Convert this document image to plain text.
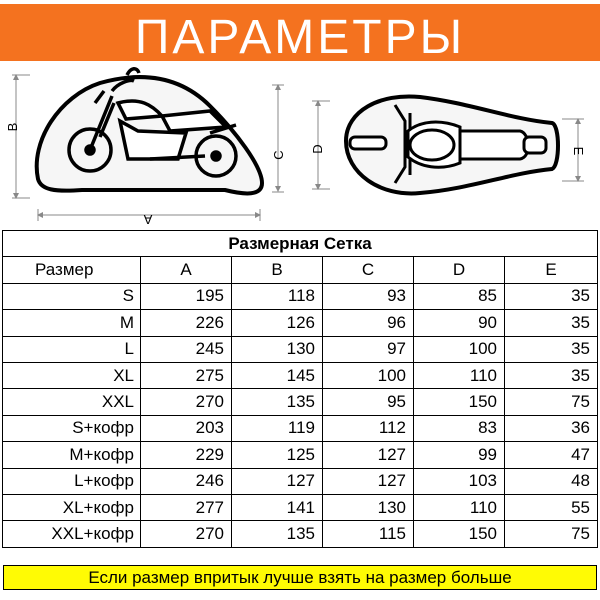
ПАРАМЕТРЫ
B
C
A
D	E
Размерная Сетка					
Размер	A	B	C	D	E
S	195	118	93	85	35
M	226	126	96	90	35
L	245	130	97	100	35
XL	275	145	100	110	35
XXL	270	135	95	150	75
S+кофр	203	119	112	83	36
M+кофр	229	125	127	99	47
L+кофр	246	127	127	103	48
XL+кофр	277	141	130	110	55
XXL+кофр	270	135	115	150	75
Если размер впритык лучше взять на размер больше
